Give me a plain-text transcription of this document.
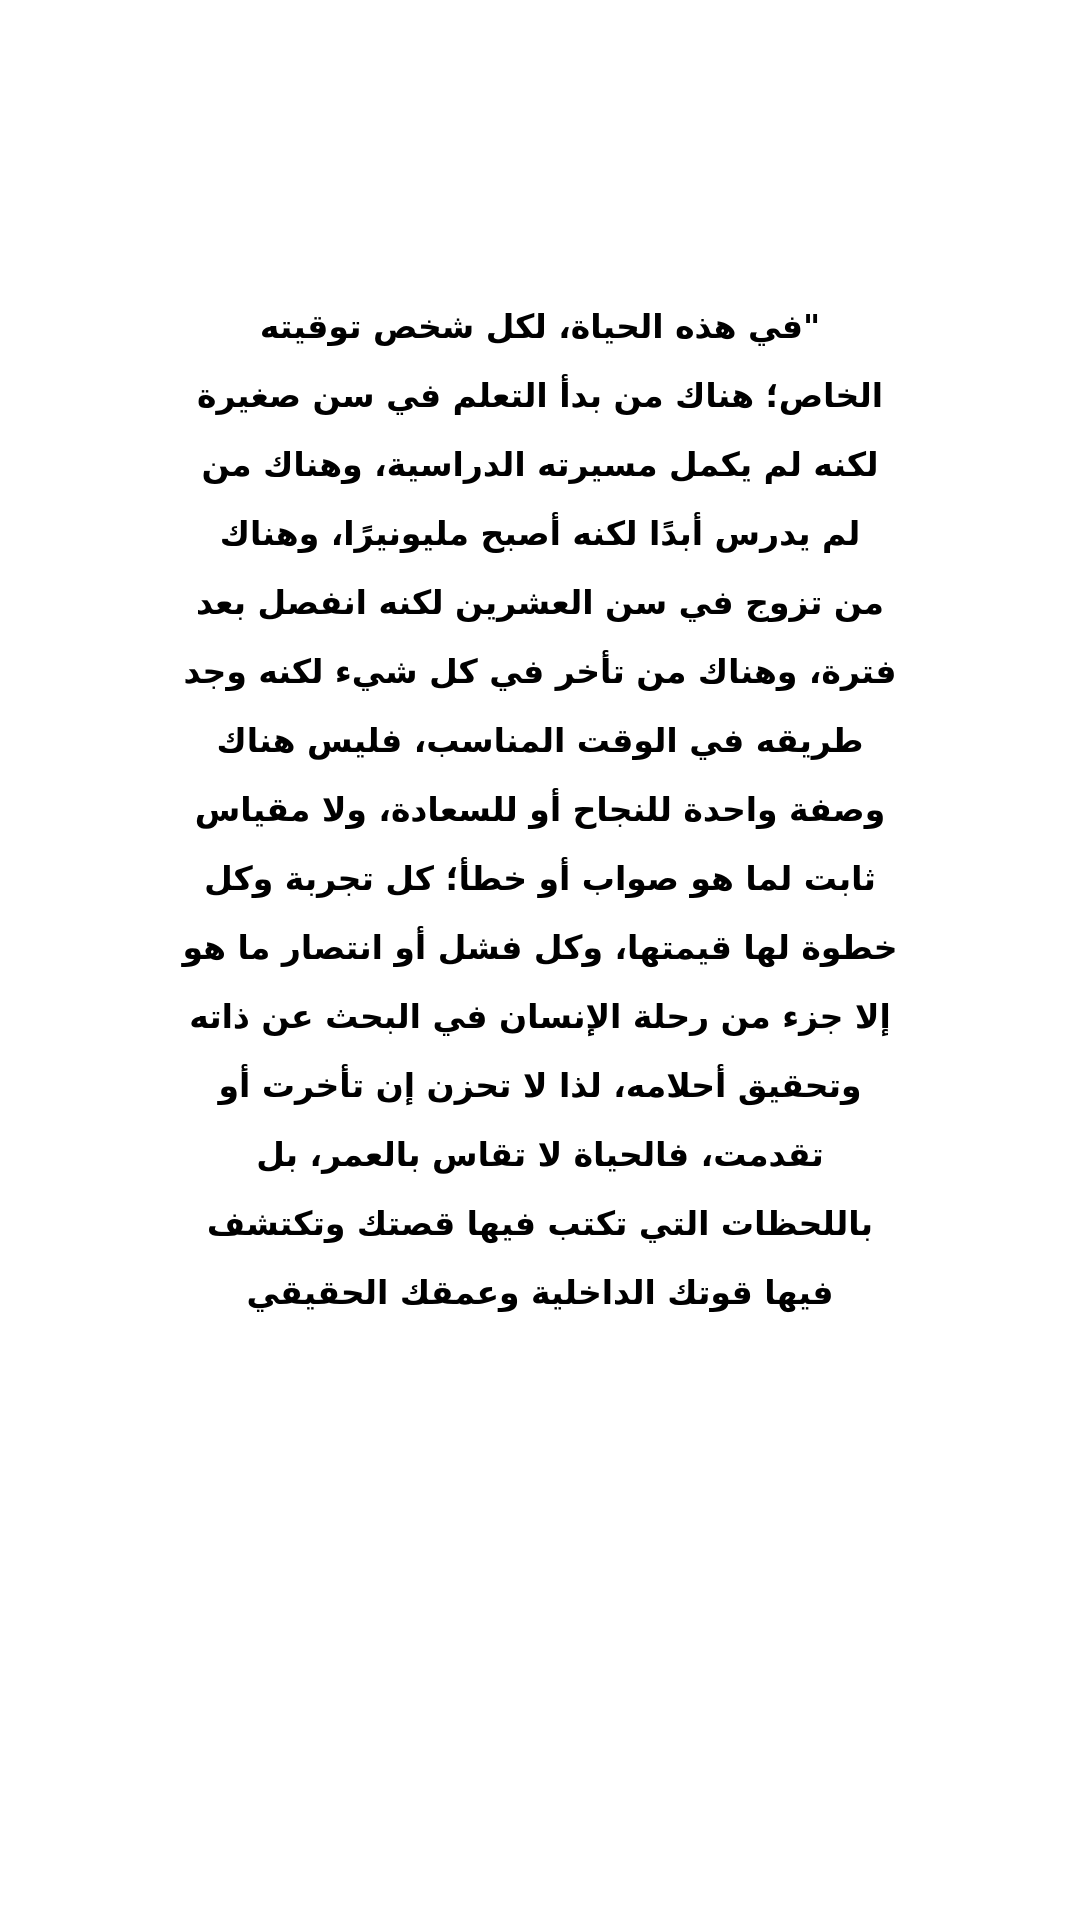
"في هذه الحياة، لكل شخص توقيته
الخاص؛ هناك من بدأ التعلم في سن صغيرة
لكنه لم يكمل مسيرته الدراسية، وهناك من
لم يدرس أبدًا لكنه أصبح مليونيرًا، وهناك
من تزوج في سن العشرين لكنه انفصل بعد
فترة، وهناك من تأخر في كل شيء لكنه وجد
طريقه في الوقت المناسب، فليس هناك
وصفة واحدة للنجاح أو للسعادة، ولا مقياس
ثابت لما هو صواب أو خطأ؛ كل تجربة وكل
خطوة لها قيمتها، وكل فشل أو انتصار ما هو
إلا جزء من رحلة الإنسان في البحث عن ذاته
وتحقيق أحلامه، لذا لا تحزن إن تأخرت أو
تقدمت، فالحياة لا تقاس بالعمر، بل
باللحظات التي تكتب فيها قصتك وتكتشف
فيها قوتك الداخلية وعمقك الحقيقي
